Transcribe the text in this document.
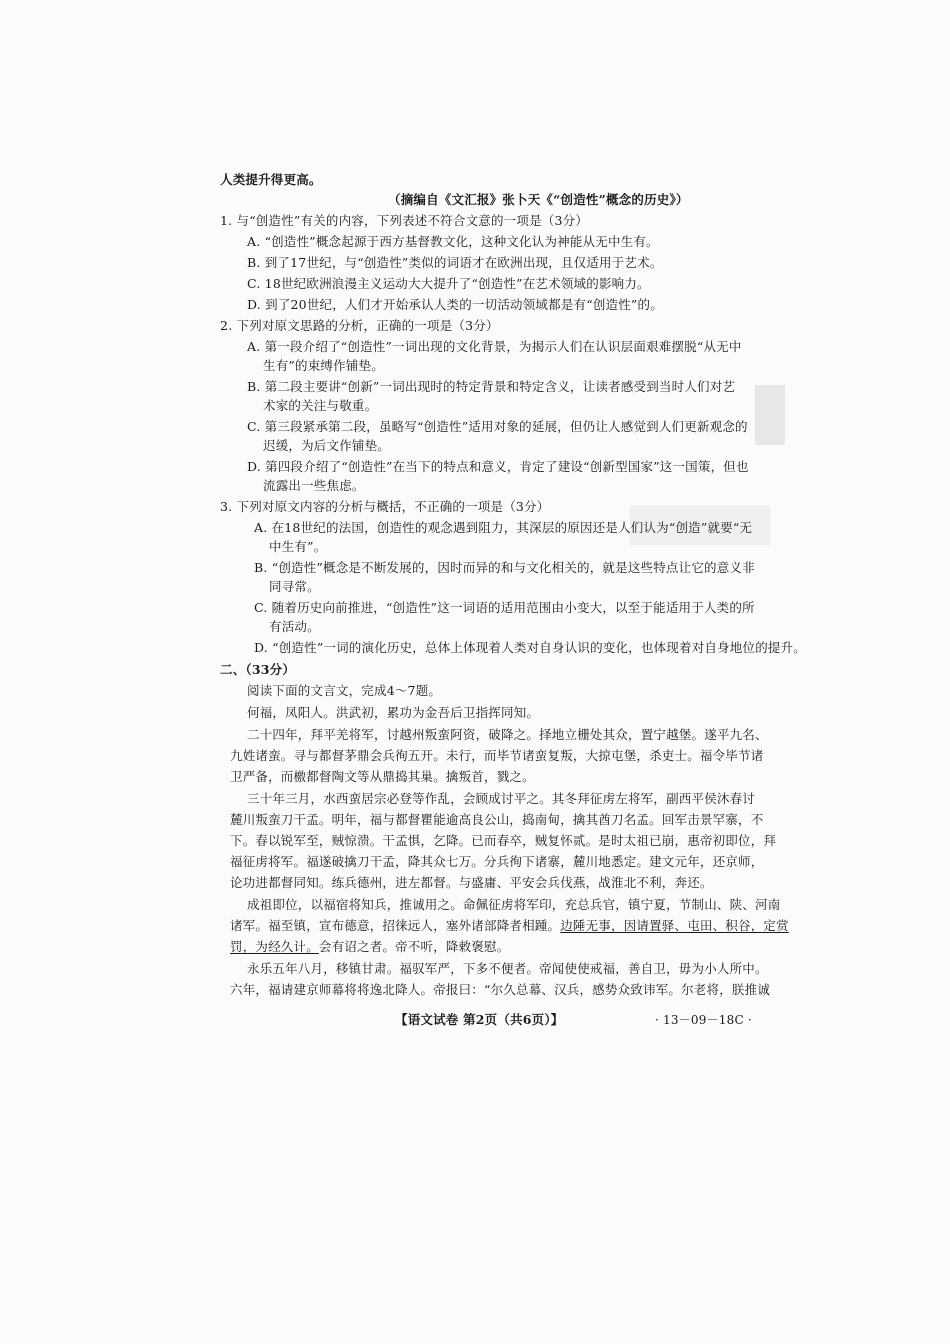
人类提升得更高。
（摘编自《文汇报》张卜天《“创造性”概念的历史》）
1. 与“创造性”有关的内容，下列表述不符合文意的一项是（3分）
A. “创造性”概念起源于西方基督教文化，这种文化认为神能从无中生有。
B. 到了17世纪，与“创造性”类似的词语才在欧洲出现，且仅适用于艺术。
C. 18世纪欧洲浪漫主义运动大大提升了“创造性”在艺术领域的影响力。
D. 到了20世纪，人们才开始承认人类的一切活动领域都是有“创造性”的。
2. 下列对原文思路的分析，正确的一项是（3分）
A. 第一段介绍了“创造性”一词出现的文化背景，为揭示人们在认识层面艰难摆脱“从无中
生有”的束缚作铺垫。
B. 第二段主要讲“创新”一词出现时的特定背景和特定含义，让读者感受到当时人们对艺
术家的关注与敬重。
C. 第三段紧承第二段，虽略写“创造性”适用对象的延展，但仍让人感觉到人们更新观念的
迟缓，为后文作铺垫。
D. 第四段介绍了“创造性”在当下的特点和意义，肯定了建设“创新型国家”这一国策，但也
流露出一些焦虑。
3. 下列对原文内容的分析与概括，不正确的一项是（3分）
A. 在18世纪的法国，创造性的观念遇到阻力，其深层的原因还是人们认为“创造”就要“无
中生有”。
B. “创造性”概念是不断发展的，因时而异的和与文化相关的，就是这些特点让它的意义非
同寻常。
C. 随着历史向前推进，“创造性”这一词语的适用范围由小变大，以至于能适用于人类的所
有活动。
D. “创造性”一词的演化历史，总体上体现着人类对自身认识的变化，也体现着对自身地位的提升。
二、（33分）
阅读下面的文言文，完成4～7题。
何福，凤阳人。洪武初，累功为金吾后卫指挥同知。
二十四年，拜平羌将军，讨越州叛蛮阿资，破降之。择地立栅处其众，置宁越堡。遂平九名、
九姓诸蛮。寻与都督茅鼎会兵徇五开。未行，而毕节诸蛮复叛，大掠屯堡，杀吏士。福令毕节诸
卫严备，而檄都督陶文等从鼎捣其巢。擒叛首，戮之。
三十年三月，水西蛮居宗必登等作乱，会顾成讨平之。其冬拜征虏左将军，副西平侯沐春讨
麓川叛蛮刀干孟。明年，福与都督瞿能逾高良公山，捣南甸，擒其酋刀名孟。回军击景罕寨，不
下。春以锐军至，贼惊溃。干孟惧，乞降。已而春卒，贼复怀贰。是时太祖已崩，惠帝初即位，拜
福征虏将军。福遂破擒刀干孟，降其众七万。分兵徇下诸寨，麓川地悉定。建文元年，还京师，
论功进都督同知。练兵德州，进左都督。与盛庸、平安会兵伐燕，战淮北不利，奔还。
成祖即位，以福宿将知兵，推诚用之。命佩征虏将军印，充总兵官，镇宁夏，节制山、陕、河南
诸军。福至镇，宣布德意，招徕远人，塞外诸部降者相踵。边陲无事，因请置驿、屯田、积谷，定赏
罚，为经久计。会有诏之者。帝不听，降敕褒慰。
永乐五年八月，移镇甘肃。福驭军严，下多不便者。帝闻使使戒福，善自卫，毋为小人所中。
六年，福请建京师幕将将逸北降人。帝报曰：“尔久总幕、汉兵，感势众致讳军。尔老将，朕推诚
【语文试卷 第2页（共6页）】	· 13－09－18C ·
